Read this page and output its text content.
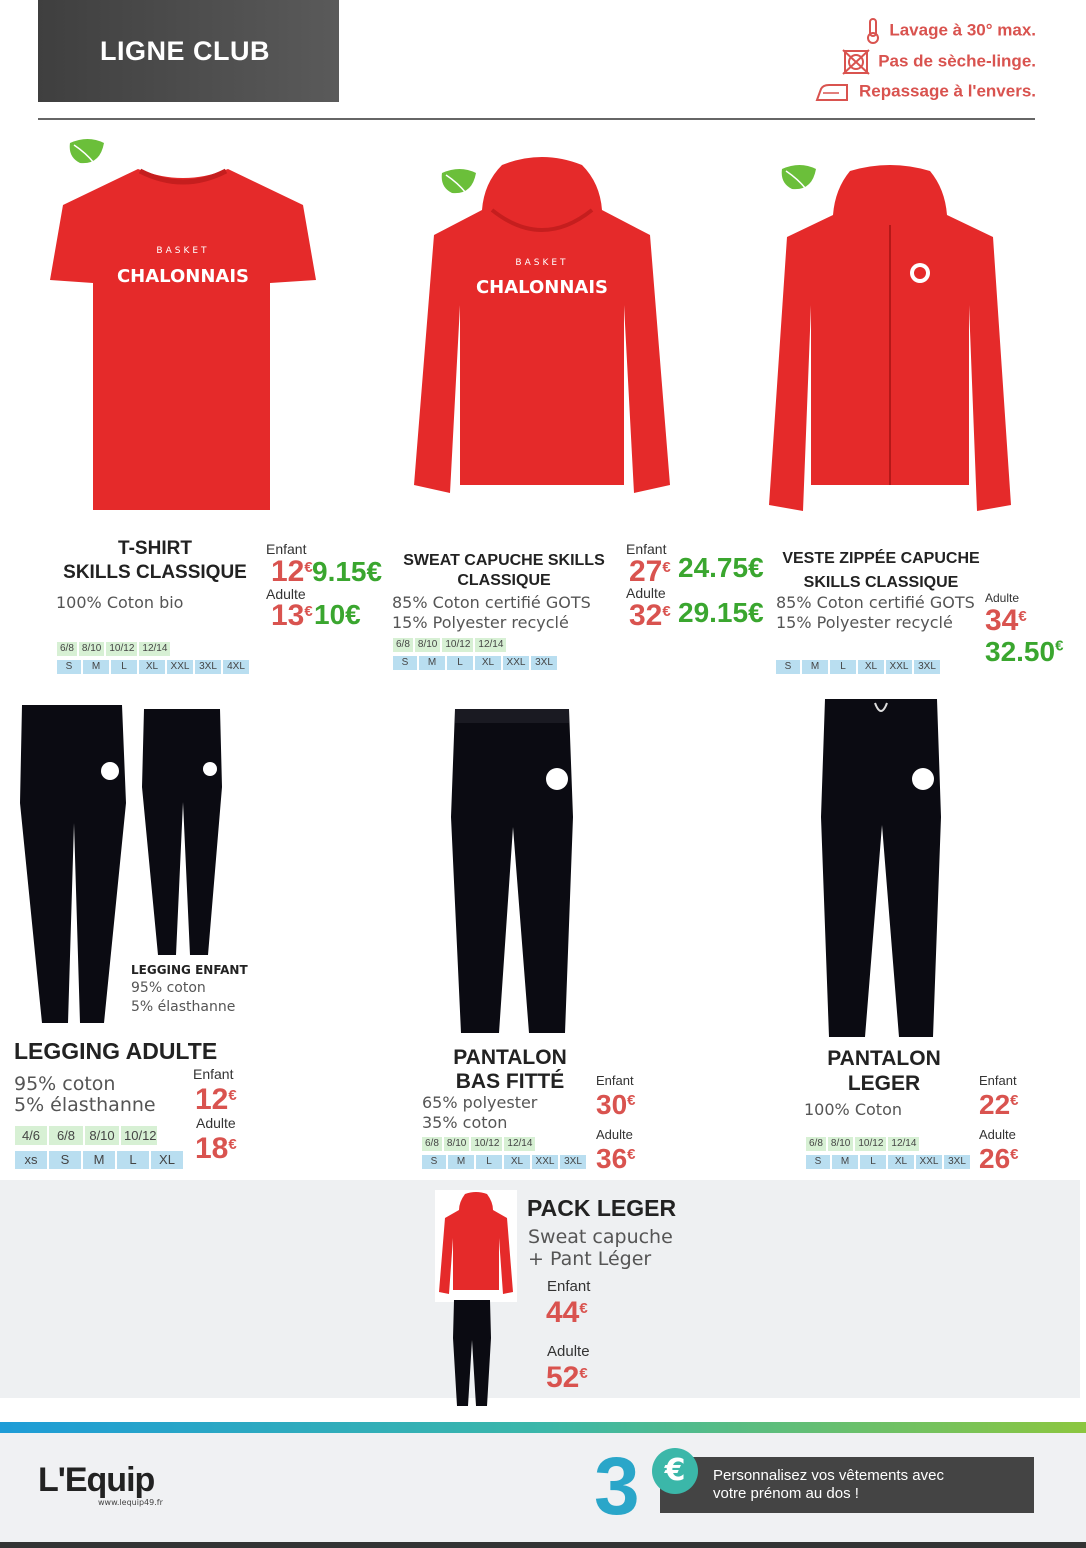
LIGNE CLUB
Lavage à 30° max.
Pas de sèche-linge.
Repassage à l'envers.
BASKET
CHALONNAIS
BASKET
CHALONNAIS
T-SHIRT
SKILLS CLASSIQUE
100% Coton bio
Enfant
12€ 9.15€
Adulte
13€ 10€
6/8 8/10 10/12 12/14
S	M	L	XL	XXL 3XL	4XL
SWEAT CAPUCHE SKILLS
CLASSIQUE
85% Coton certifié GOTS
15% Polyester recyclé
Enfant
27€ 24.75€
Adulte
32€ 29.15€
6/8 8/10 10/12 12/14
S	M	L	XL	XXL 3XL
VESTE ZIPPÉE CAPUCHE
SKILLS CLASSIQUE
85% Coton certifié GOTS
15% Polyester recyclé
Adulte
34€
32.50€
S	M	L	XL	XXL 3XL
LEGGING ENFANT
95% coton
5% élasthanne
LEGGING ADULTE
95% coton
5% élasthanne
Enfant
12€
Adulte
18€
4/6	6/8	8/10 10/12
xs	S	M	L	XL
PANTALON
BAS FITTÉ
65% polyester
35% coton
Enfant
30€
Adulte
36€
6/8 8/10 10/12 12/14
S	M	L	XL	XXL 3XL
PANTALON
LEGER
100% Coton
Enfant
22€
Adulte
26€
6/8 8/10 10/12 12/14
S	M	L	XL	XXL 3XL
PACK LEGER
Sweat capuche
+ Pant Léger
Enfant
44€
Adulte
52€
L'Equip
www.lequip49.fr	3 €	Personnalisez vos vêtements avec
votre prénom au dos !
